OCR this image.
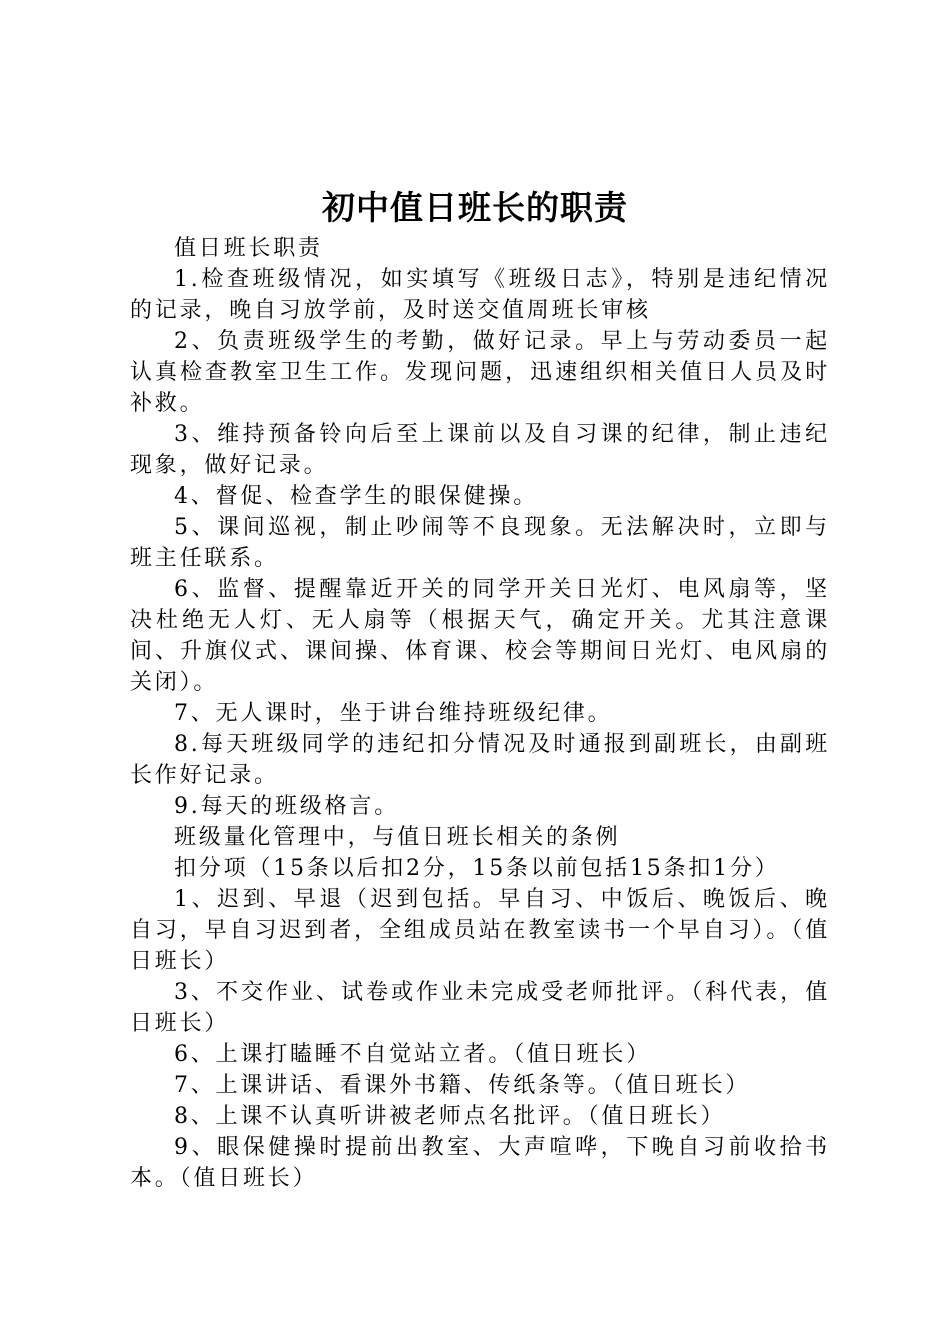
初中值日班长的职责

值日班长职责

1.检查班级情况，如实填写《班级日志》，特别是违纪情况的记录，晚自习放学前，及时送交值周班长审核

2、负责班级学生的考勤，做好记录。早上与劳动委员一起认真检查教室卫生工作。发现问题，迅速组织相关值日人员及时补救。

3、维持预备铃向后至上课前以及自习课的纪律，制止违纪现象，做好记录。

4、督促、检查学生的眼保健操。

5、课间巡视，制止吵闹等不良现象。无法解决时，立即与班主任联系。

6、监督、提醒靠近开关的同学开关日光灯、电风扇等，坚决杜绝无人灯、无人扇等（根据天气，确定开关。尤其注意课间、升旗仪式、课间操、体育课、校会等期间日光灯、电风扇的关闭）。

7、无人课时，坐于讲台维持班级纪律。

8.每天班级同学的违纪扣分情况及时通报到副班长，由副班长作好记录。

9.每天的班级格言。

班级量化管理中，与值日班长相关的条例

扣分项（15条以后扣2分，15条以前包括15条扣1分）

1、迟到、早退（迟到包括。早自习、中饭后、晚饭后、晚自习，早自习迟到者，全组成员站在教室读书一个早自习）。（值日班长）

3、不交作业、试卷或作业未完成受老师批评。（科代表，值日班长）

6、上课打瞌睡不自觉站立者。（值日班长）

7、上课讲话、看课外书籍、传纸条等。（值日班长）

8、上课不认真听讲被老师点名批评。（值日班长）

9、眼保健操时提前出教室、大声喧哗，下晚自习前收拾书本。（值日班长）
